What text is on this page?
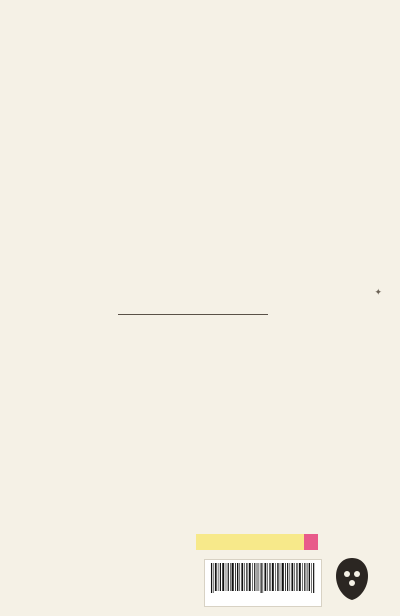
✦
